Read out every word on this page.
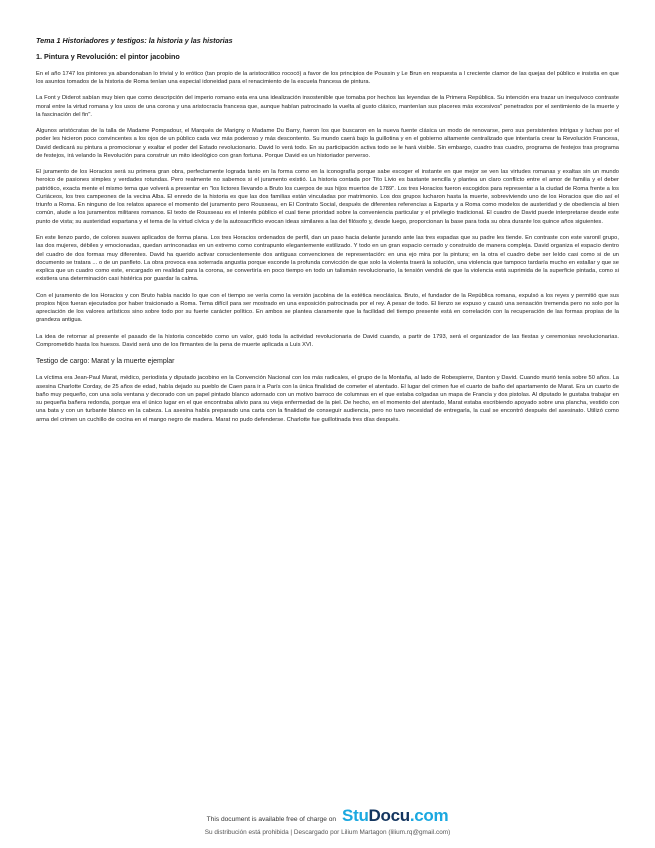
Tema 1 Historiadores y testigos: la historia y las historias
1. Pintura y Revolución: el pintor jacobino

En el año 1747 los pintores ya abandonaban lo trivial y lo erótico (tan propio de la aristocrático rococó) a favor de los principios de Poussin y Le Brun en respuesta a l creciente clamor de las quejas del público e insistia en que los asuntos tomados de la historia de Roma tenían una especial idoneidad para el renacimiento de la escuela francesa de pintura.

La Font y Diderot sabían muy bien que como descripción del imperio romano esta era una idealización insostenible que tomaba por hechos las leyendas de la Primera República. Su intención era trazar un inequívoco contraste moral entre la virtud romana y los usos de una corona y una aristocracia francesa que, aunque habían patrocinado la vuelta al gusto clásico, mantenían sus placeres más excesivos" penetrados por el sentimiento de la muerte y la fascinación del fin".

Algunos aristócratas de la talla de Madame Pompadour, el Marqués de Marigny o Madame Du Barry, fueron los que buscaron en la nueva fuente clásica un modo de renovarse, pero sus persistentes intrigas y luchas por el poder les hicieron poco convincentes a los ojos de un público cada vez más poderoso y más descontento. Su mundo caerá bajo la guillotina y en el gobierno altamente centralizado que intentaría crear la Revolución Francesa, David dedicará su pintura a promocionar y exaltar el poder del Estado revolucionario. David lo verá todo. En su participación activa todo se le hará visible. Sin embargo, cuadro tras cuadro, programa de festejos tras programa de festejos, irá velando la Revolución para construir un mito ideológico con gran fortuna. Porque David es un historiador perverso.

El juramento de los Horacios será su primera gran obra, perfectamente lograda tanto en la forma como en la iconografía porque sabe escoger el instante en que mejor se ven las virtudes romanas y exaltas sin un mundo heroico de pasiones simples y verdades rotundas. Pero realmente no sabemos si el juramento existió. La historia contada por Tito Livio es bastante sencilla y plantea un claro conflicto entre el amor de familia y el deber patriótico, exacta mente el mismo tema que volverá a presentar en "los lictores llevando a Bruto los cuerpos de sus hijos muertos de 1789". Los tres Horacios fueron escogidos para representar a la ciudad de Roma frente a los Curiáceos, los tres campeones de la vecina Alba. El enredo de la historia es que las dos familias están vinculadas por matrimonio. Los dos grupos lucharon hasta la muerte, sobreviviendo uno de los Horacios que dio así el triunfo a Roma. En ninguno de los relatos aparece el momento del juramento pero Rousseau, en El Contrato Social, después de diferentes referencias a Esparta y a Roma como modelos de austeridad y de obediencia al bien común, alude a los juramentos militares romanos. El texto de Rousseau es el interés público el cual tiene prioridad sobre la conveniencia particular y el privilegio tradicional. El cuadro de David puede interpretarse desde este punto de vista; su austeridad espartana y el tema de la virtud cívica y de la autosacrificio evocan ideas similares a las del filósofo y, desde luego, proporcionan la base para toda su obra durante los quince años siguientes.

En este lienzo pardo, de colores suaves aplicados de forma plana. Los tres Horacios ordenados de perfil, dan un paso hacia delante jurando ante las tres espadas que su padre les tiende. En contraste con este varonil grupo, las dos mujeres, débiles y emocionadas, quedan arrinconadas en un extremo como contrapunto elegantemente estilizado. Y todo en un gran espacio cerrado y construido de manera compleja. David organiza el espacio dentro del cuadro de dos formas muy diferentes. David ha querido activar conscientemente dos antiguas convenciones de representación: en una ejo mira por la pintura; en la otra el cuadro debe ser leído casi como si de un documento se tratara ... o de un panfleto. La obra provoca esa soterrada angustia porque esconde la profunda convicción de que solo la violenta traerá la solución, una violencia que tampoco tardaría mucho en estallar y que se explica que un cuadro como este, encargado en realidad para la corona, se convertiría en poco tiempo en todo un talismán revolucionario, la tensión vendrá de que la violencia está suprimida de la superficie pintada, como si existiera una determinación casi histérica por guardar la calma.

Con el juramento de los Horacios y con Bruto había nacido lo que con el tiempo se vería como la versión jacobina de la estética neoclásica. Bruto, el fundador de la República romana, expulsó a los reyes y permitió que sus propios hijos fueran ejecutados por haber traicionado a Roma. Tema difícil para ser mostrado en una exposición patrocinada por el rey. A pesar de todo. El lienzo se expuso y causó una sensación tremenda pero no solo por la apreciación de los valores artísticos sino sobre todo por su fuerte carácter político. En ambos se plantea claramente que la facilidad del tiempo presente está en correlación con la recuperación de las formas propias de la grandeza antigua.

La idea de retornar al presente el pasado de la historia concebido como un valor, guió toda la actividad revolucionaria de David cuando, a partir de 1793, será el organizador de las fiestas y ceremonias revolucionarias. Comprometido hasta los huesos. David será uno de los firmantes de la pena de muerte aplicada a Luis XVI.

Testigo de cargo: Marat y la muerte ejemplar

La víctima era Jean-Paul Marat, médico, periodista y diputado jacobino en la Convención Nacional con los más radicales, el grupo de la Montaña, al lado de Robespierre, Danton y David. Cuando murió tenía sobre 50 años. La asesina Charlotte Corday, de 25 años de edad, había dejado su pueblo de Caen para ir a París con la única finalidad de cometer el atentado. El lugar del crimen fue el cuarto de baño del apartamento de Marat. Era un cuarto de baño muy pequeño, con una sola ventana y decorado con un papel pintado blanco adornado con un motivo barroco de columnas en el que estaba colgadas un mapa de Francia y dos pistolas. Al diputado le gustaba trabajar en su pequeña bañera redonda, porque era el único lugar en el que encontraba alivio para su vieja enfermedad de la piel. De hecho, en el momento del atentado, Marat estaba escribiendo apoyado sobre una plancha, vestido con una bata y con un turbante blanco en la cabeza. La asesina había preparado una carta con la finalidad de conseguir audiencia, pero no tuvo necesidad de entregarla, la cual se encontró después del asesinato. Utilizó como arma del crimen un cuchillo de cocina en el mango negro de madera. Marat no pudo defenderse. Charlotte fue guillotinada tres días después.

This document is available free of charge on StuDocu.com
Su distribución está prohibida | Descargado por Lilium Martagon (lilium.rq@gmail.com)
